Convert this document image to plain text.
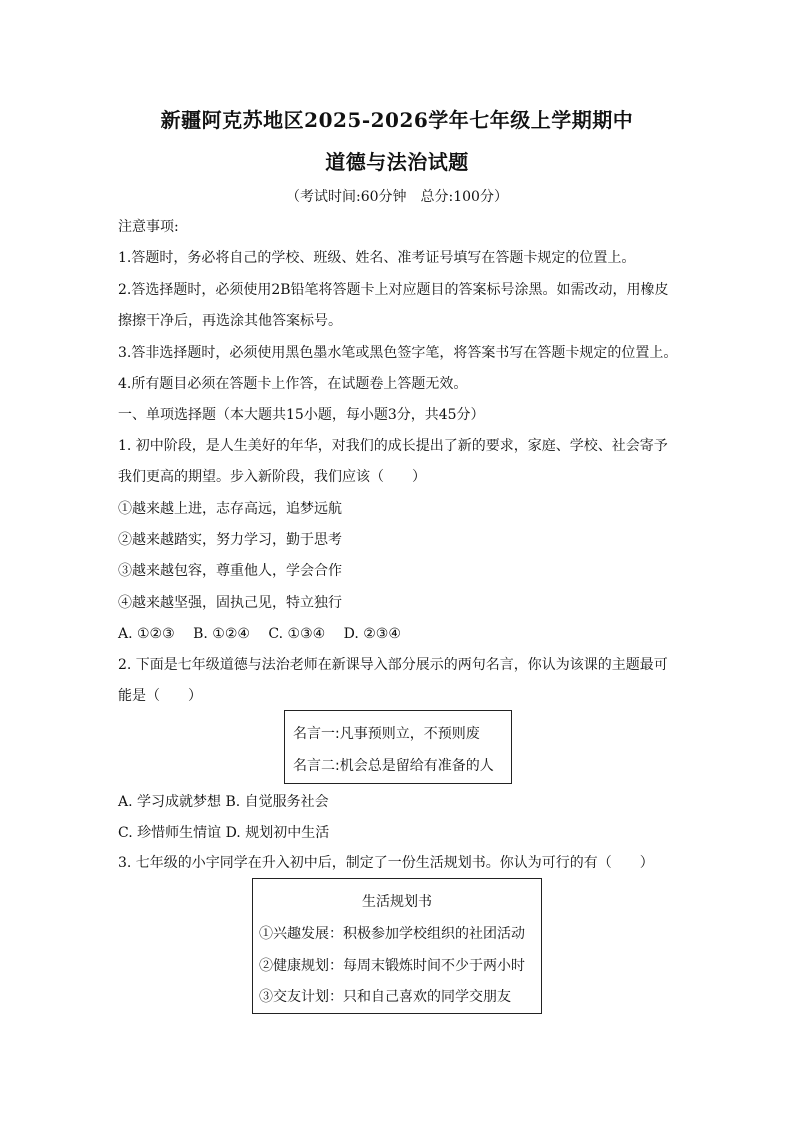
新疆阿克苏地区2025-2026学年七年级上学期期中
道德与法治试题
（考试时间:60分钟　总分:100分）
注意事项:
1.答题时，务必将自己的学校、班级、姓名、准考证号填写在答题卡规定的位置上。
2.答选择题时，必须使用2B铅笔将答题卡上对应题目的答案标号涂黑。如需改动，用橡皮
擦擦干净后，再选涂其他答案标号。
3.答非选择题时，必须使用黑色墨水笔或黑色签字笔，将答案书写在答题卡规定的位置上。
4.所有题目必须在答题卡上作答，在试题卷上答题无效。
一、单项选择题（本大题共15小题，每小题3分，共45分）
1. 初中阶段，是人生美好的年华，对我们的成长提出了新的要求，家庭、学校、社会寄予
我们更高的期望。步入新阶段，我们应该（　　）
①越来越上进，志存高远，追梦远航
②越来越踏实，努力学习，勤于思考
③越来越包容，尊重他人，学会合作
④越来越坚强，固执己见，特立独行
A. ①②③　 B. ①②④　 C. ①③④　 D. ②③④
2. 下面是七年级道德与法治老师在新课导入部分展示的两句名言，你认为该课的主题最可
能是（　　）
名言一:凡事预则立，不预则废
名言二:机会总是留给有准备的人
A. 学习成就梦想 B. 自觉服务社会
C. 珍惜师生情谊 D. 规划初中生活
3. 七年级的小宇同学在升入初中后，制定了一份生活规划书。你认为可行的有（　　）
生活规划书
①兴趣发展：积极参加学校组织的社团活动
②健康规划：每周末锻炼时间不少于两小时
③交友计划：只和自己喜欢的同学交朋友
